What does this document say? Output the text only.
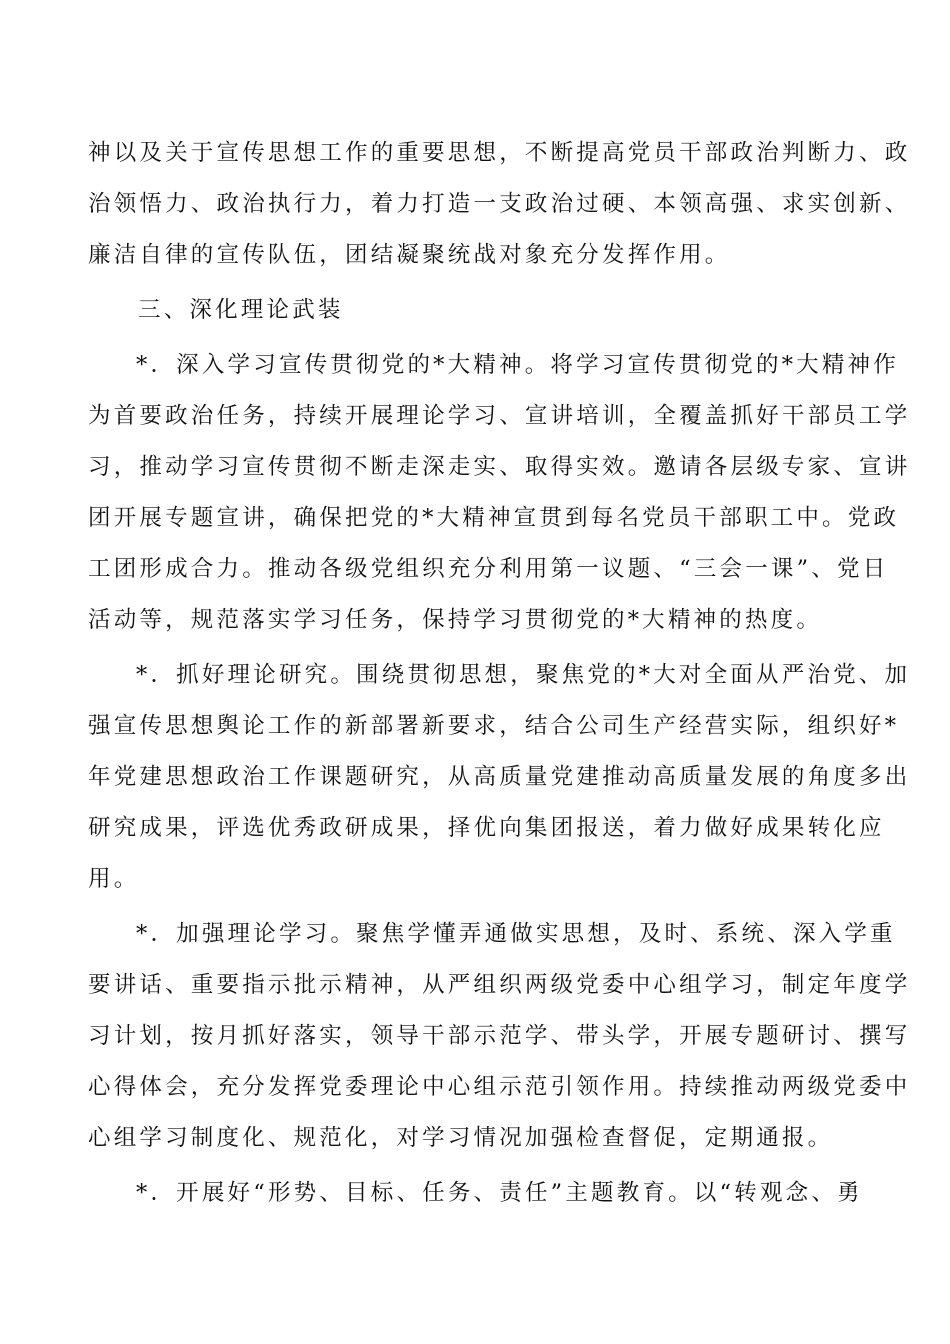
神以及关于宣传思想工作的重要思想，不断提高党员干部政治判断力、政
治领悟力、政治执行力，着力打造一支政治过硬、本领高强、求实创新、
廉洁自律的宣传队伍，团结凝聚统战对象充分发挥作用。
三、深化理论武装
*．深入学习宣传贯彻党的*大精神。将学习宣传贯彻党的*大精神作
为首要政治任务，持续开展理论学习、宣讲培训，全覆盖抓好干部员工学
习，推动学习宣传贯彻不断走深走实、取得实效。邀请各层级专家、宣讲
团开展专题宣讲，确保把党的*大精神宣贯到每名党员干部职工中。党政
工团形成合力。推动各级党组织充分利用第一议题、“三会一课”、党日
活动等，规范落实学习任务，保持学习贯彻党的*大精神的热度。
*．抓好理论研究。围绕贯彻思想，聚焦党的*大对全面从严治党、加
强宣传思想舆论工作的新部署新要求，结合公司生产经营实际，组织好*
年党建思想政治工作课题研究，从高质量党建推动高质量发展的角度多出
研究成果，评选优秀政研成果，择优向集团报送，着力做好成果转化应
用。
*．加强理论学习。聚焦学懂弄通做实思想，及时、系统、深入学重
要讲话、重要指示批示精神，从严组织两级党委中心组学习，制定年度学
习计划，按月抓好落实，领导干部示范学、带头学，开展专题研讨、撰写
心得体会，充分发挥党委理论中心组示范引领作用。持续推动两级党委中
心组学习制度化、规范化，对学习情况加强检查督促，定期通报。
*．开展好“形势、目标、任务、责任”主题教育。以“转观念、勇
